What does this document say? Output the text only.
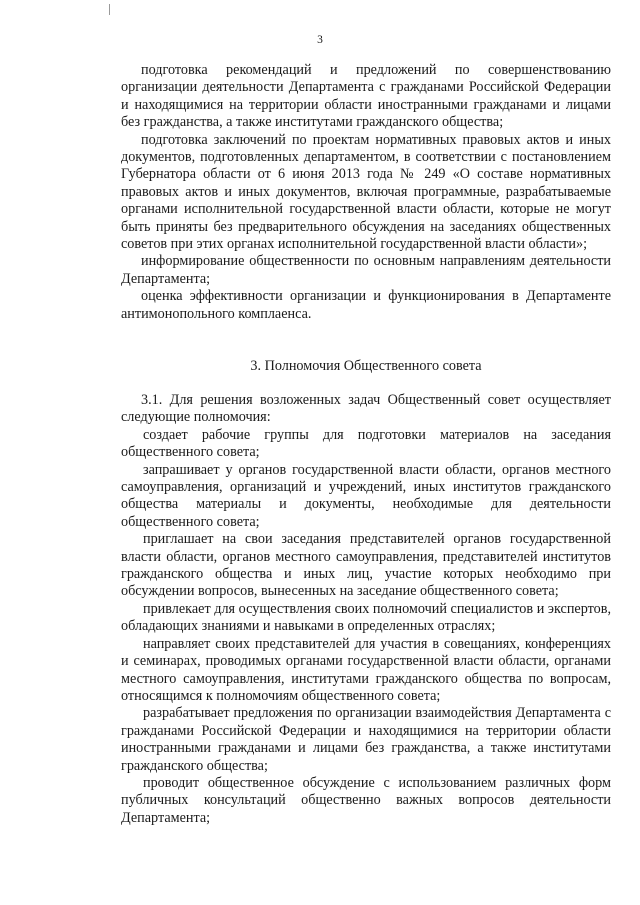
3

подготовка рекомендаций и предложений по совершенствованию организации деятельности Департамента с гражданами Российской Федерации и находящимися на территории области иностранными гражданами и лицами без гражданства, а также институтами гражданского общества;

подготовка заключений по проектам нормативных правовых актов и иных документов, подготовленных департаментом, в соответствии с постановлением Губернатора области от 6 июня 2013 года № 249 «О составе нормативных правовых актов и иных документов, включая программные, разрабатываемые органами исполнительной государственной власти области, которые не могут быть приняты без предварительного обсуждения на заседаниях общественных советов при этих органах исполнительной государственной власти области»;

информирование общественности по основным направлениям деятельности Департамента;

оценка эффективности организации и функционирования в Департаменте антимонопольного комплаенса.

3. Полномочия Общественного совета

3.1. Для решения возложенных задач Общественный совет осуществляет следующие полномочия:

создает рабочие группы для подготовки материалов на заседания общественного совета;

запрашивает у органов государственной власти области, органов местного самоуправления, организаций и учреждений, иных институтов гражданского общества материалы и документы, необходимые для деятельности общественного совета;

приглашает на свои заседания представителей органов государственной власти области, органов местного самоуправления, представителей институтов гражданского общества и иных лиц, участие которых необходимо при обсуждении вопросов, вынесенных на заседание общественного совета;

привлекает для осуществления своих полномочий специалистов и экспертов, обладающих знаниями и навыками в определенных отраслях;

направляет своих представителей для участия в совещаниях, конференциях и семинарах, проводимых органами государственной власти области, органами местного самоуправления, институтами гражданского общества по вопросам, относящимся к полномочиям общественного совета;

разрабатывает предложения по организации взаимодействия Департамента с гражданами Российской Федерации и находящимися на территории области иностранными гражданами и лицами без гражданства, а также институтами гражданского общества;

проводит общественное обсуждение с использованием различных форм публичных консультаций общественно важных вопросов деятельности Департамента;
